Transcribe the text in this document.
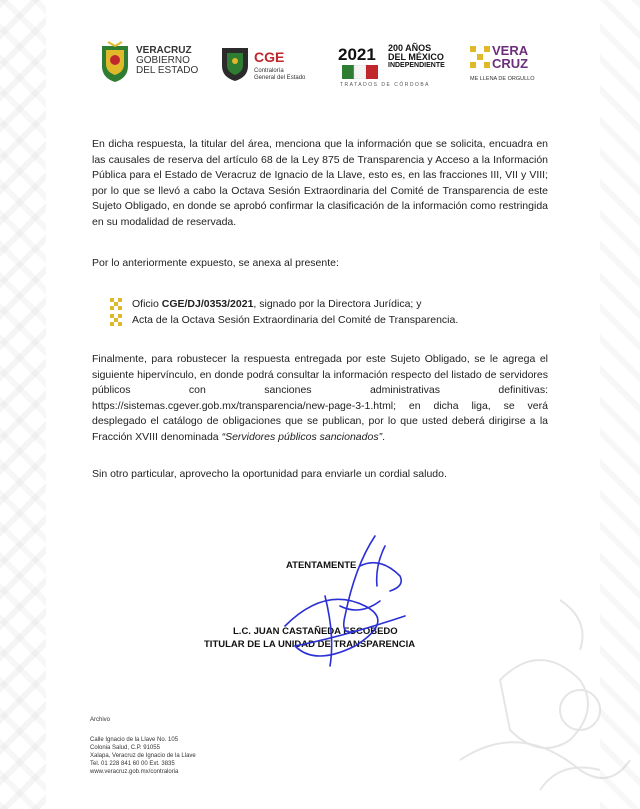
VERACRUZ
GOBIERNO
DEL ESTADO
CGE
Contraloría
General del Estado
2021 200 AÑOS
DEL MÉXICO
INDEPENDIENTE
TRATADOS DE CÓRDOBA
VERA
CRUZ
ME LLENA DE ORGULLO
En dicha respuesta, la titular del área, menciona que la información que se solicita, encuadra en las causales de reserva del artículo 68 de la Ley 875 de Transparencia y Acceso a la Información Pública para el Estado de Veracruz de Ignacio de la Llave, esto es, en las fracciones III, VII y VIII; por lo que se llevó a cabo la Octava Sesión Extraordinaria del Comité de Transparencia de este Sujeto Obligado, en donde se aprobó confirmar la clasificación de la información como restringida en su modalidad de reservada.
Por lo anteriormente expuesto, se anexa al presente:
Oficio CGE/DJ/0353/2021, signado por la Directora Jurídica; y
Acta de la Octava Sesión Extraordinaria del Comité de Transparencia.
Finalmente, para robustecer la respuesta entregada por este Sujeto Obligado, se le agrega el siguiente hipervínculo, en donde podrá consultar la información respecto del listado de servidores públicos con sanciones administrativas definitivas: https://sistemas.cgever.gob.mx/transparencia/new-page-3-1.html; en dicha liga, se verá desplegado el catálogo de obligaciones que se publican, por lo que usted deberá dirigirse a la Fracción XVIII denominada “Servidores públicos sancionados”.
Sin otro particular, aprovecho la oportunidad para enviarle un cordial saludo.
ATENTAMENTE
L.C. JUAN CASTAÑEDA ESCOBEDO
TITULAR DE LA UNIDAD DE TRANSPARENCIA
Archivo
Calle Ignacio de la Llave No. 105
Colonia Salud, C.P. 91055
Xalapa, Veracruz de Ignacio de la Llave
Tel. 01 228 841 60 00 Ext. 3835
www.veracruz.gob.mx/contraloria
